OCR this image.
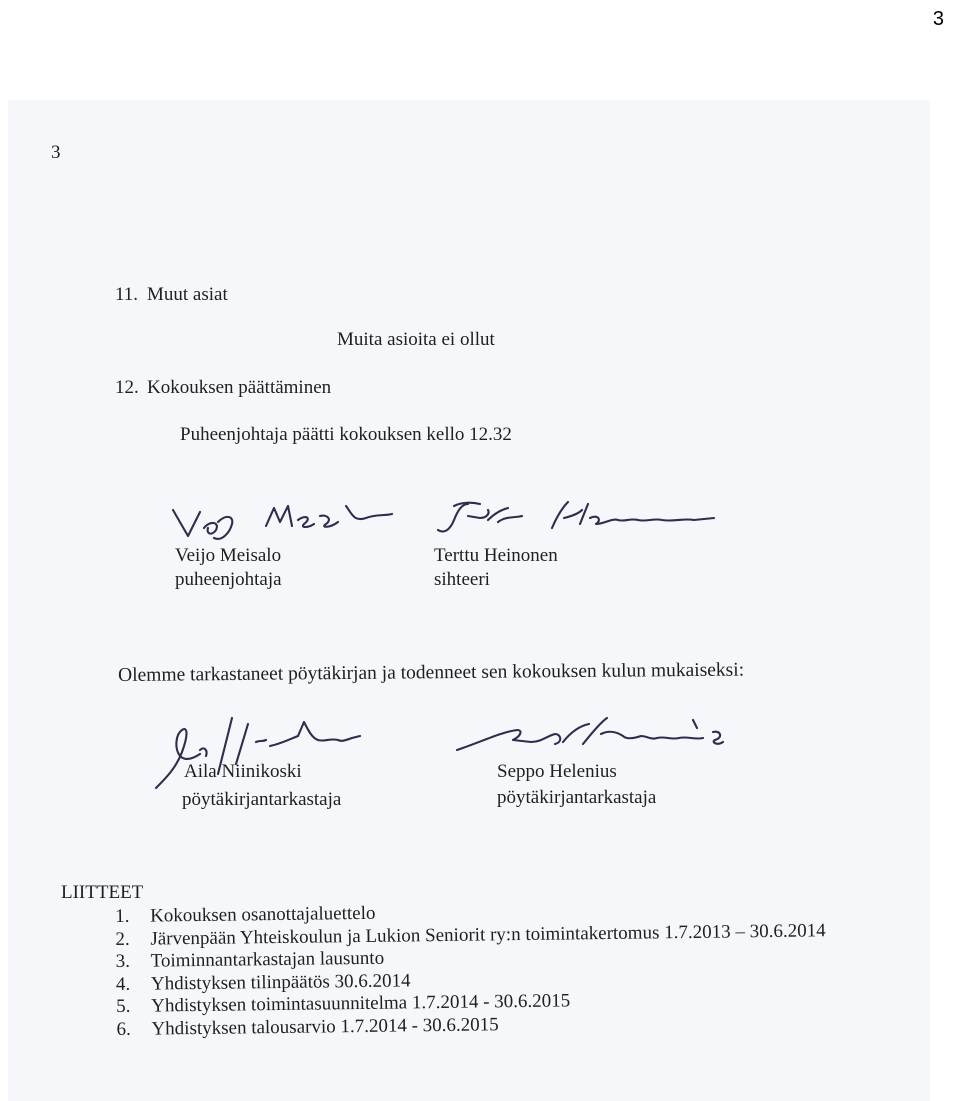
3
3
11. Muut asiat
Muita asioita ei ollut
12. Kokouksen päättäminen
Puheenjohtaja päätti kokouksen kello 12.32
Veijo Meisalo
puheenjohtaja
Terttu Heinonen
sihteeri
Olemme tarkastaneet pöytäkirjan ja todenneet sen kokouksen kulun mukaiseksi:
Aila Niinikoski
pöytäkirjantarkastaja
Seppo Helenius
pöytäkirjantarkastaja
LIITTEET
1. Kokouksen osanottajaluettelo
2. Järvenpään Yhteiskoulun ja Lukion Seniorit ry:n toimintakertomus 1.7.2013 – 30.6.2014
3. Toiminnantarkastajan lausunto
4. Yhdistyksen tilinpäätös 30.6.2014
5. Yhdistyksen toimintasuunnitelma 1.7.2014 - 30.6.2015
6. Yhdistyksen talousarvio 1.7.2014 - 30.6.2015
